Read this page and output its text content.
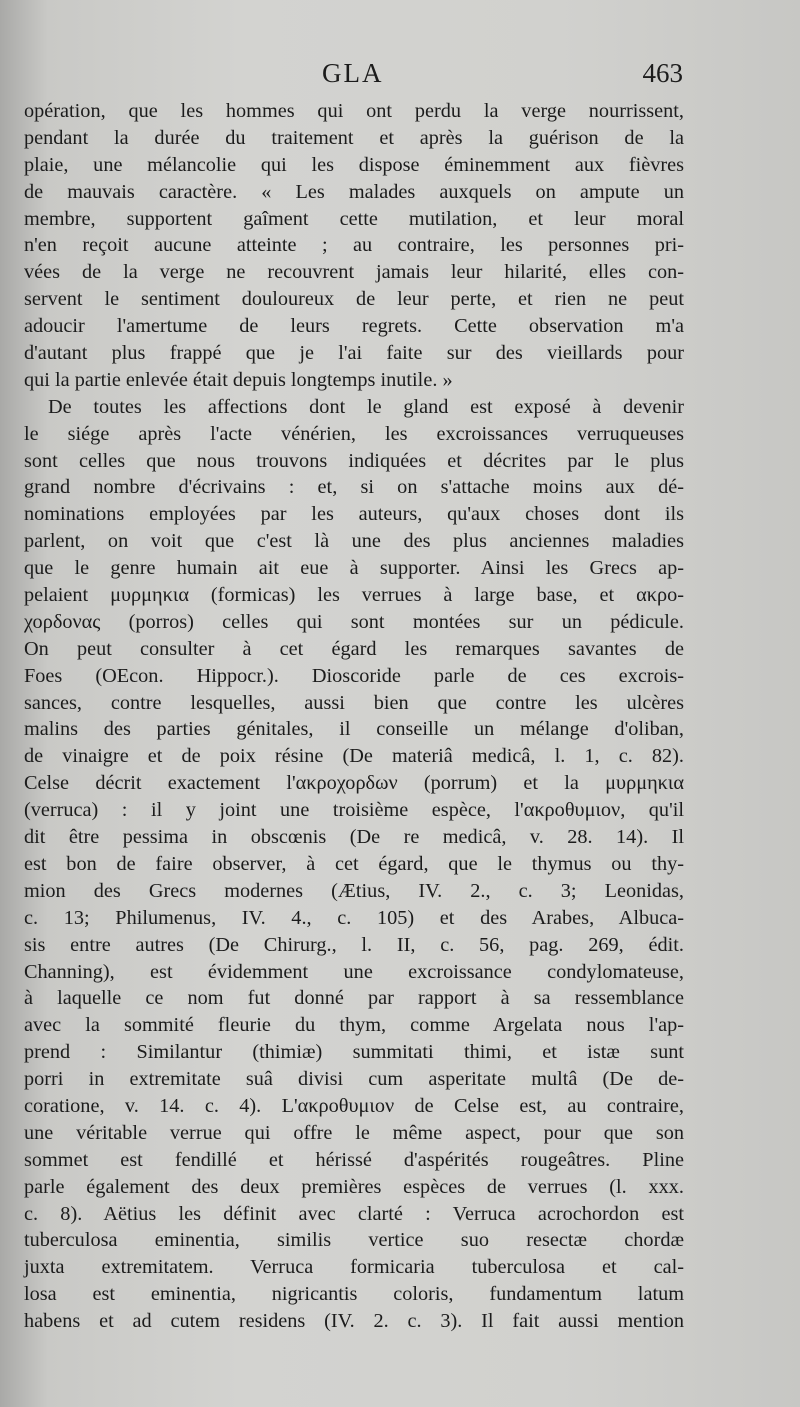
GLA	463
opération, que les hommes qui ont perdu la verge nourrissent,
pendant la durée du traitement et après la guérison de la
plaie, une mélancolie qui les dispose éminemment aux fièvres
de mauvais caractère. « Les malades auxquels on ampute un
membre, supportent gaîment cette mutilation, et leur moral
n'en reçoit aucune atteinte ; au contraire, les personnes pri-
vées de la verge ne recouvrent jamais leur hilarité, elles con-
servent le sentiment douloureux de leur perte, et rien ne peut
adoucir l'amertume de leurs regrets. Cette observation m'a
d'autant plus frappé que je l'ai faite sur des vieillards pour
qui la partie enlevée était depuis longtemps inutile. »
De toutes les affections dont le gland est exposé à devenir
le siége après l'acte vénérien, les excroissances verruqueuses
sont celles que nous trouvons indiquées et décrites par le plus
grand nombre d'écrivains : et, si on s'attache moins aux dé-
nominations employées par les auteurs, qu'aux choses dont ils
parlent, on voit que c'est là une des plus anciennes maladies
que le genre humain ait eue à supporter. Ainsi les Grecs ap-
pelaient μυρμηκια (formicas) les verrues à large base, et ακρο-
χορδονας (porros) celles qui sont montées sur un pédicule.
On peut consulter à cet égard les remarques savantes de
Foes (OEcon. Hippocr.). Dioscoride parle de ces excrois-
sances, contre lesquelles, aussi bien que contre les ulcères
malins des parties génitales, il conseille un mélange d'oliban,
de vinaigre et de poix résine (De materiâ medicâ, l. 1, c. 82).
Celse décrit exactement l'ακροχορδων (porrum) et la μυρμηκια
(verruca) : il y joint une troisième espèce, l'ακροθυμιον, qu'il
dit être pessima in obscœnis (De re medicâ, v. 28. 14). Il
est bon de faire observer, à cet égard, que le thymus ou thy-
mion des Grecs modernes (Ætius, IV. 2., c. 3; Leonidas,
c. 13; Philumenus, IV. 4., c. 105) et des Arabes, Albuca-
sis entre autres (De Chirurg., l. II, c. 56, pag. 269, édit.
Channing), est évidemment une excroissance condylomateuse,
à laquelle ce nom fut donné par rapport à sa ressemblance
avec la sommité fleurie du thym, comme Argelata nous l'ap-
prend : Similantur (thimiæ) summitati thimi, et istæ sunt
porri in extremitate suâ divisi cum asperitate multâ (De de-
coratione, v. 14. c. 4). L'ακροθυμιον de Celse est, au contraire,
une véritable verrue qui offre le même aspect, pour que son
sommet est fendillé et hérissé d'aspérités rougeâtres. Pline
parle également des deux premières espèces de verrues (l. xxx.
c. 8). Aëtius les définit avec clarté : Verruca acrochordon est
tuberculosa eminentia, similis vertice suo resectæ chordæ
juxta extremitatem. Verruca formicaria tuberculosa et cal-
losa est eminentia, nigricantis coloris, fundamentum latum
habens et ad cutem residens (IV. 2. c. 3). Il fait aussi mention
